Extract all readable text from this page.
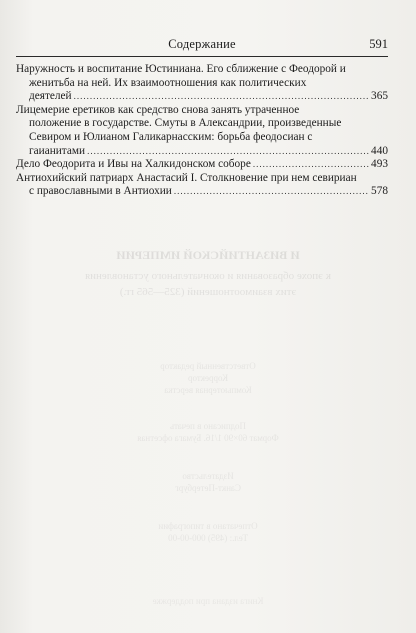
И ВИЗАНТИЙСКОЙ ИМПЕРИИ
к эпохе образования и окончательного установления
этих взаимоотношений (325—565 гг.)
Ответственный редактор
Корректор
Компьютерная верстка
Подписано в печать
Формат 60×90 1/16. Бумага офсетная
Издательство
Санкт-Петербург
Отпечатано в типографии
Тел.: (495) 000-00-00
Книга издана при поддержке
Содержание	591
Наружность и воспитание Юстиниана. Его сближение с Феодорой и
женитьба на ней. Их взаимоотношения как политических
деятелей .....	365
Лицемерие еретиков как средство снова занять утраченное
положение в государстве. Смуты в Александрии, произведенные
Севиром и Юлианом Галикарнасским: борьба феодосиан с
гаианитами .....	440
Дело Феодорита и Ивы на Халкидонском соборе .....	493
Антиохийский патриарх Анастасий I. Столкновение при нем севириан
с православными в Антиохии .....	578
